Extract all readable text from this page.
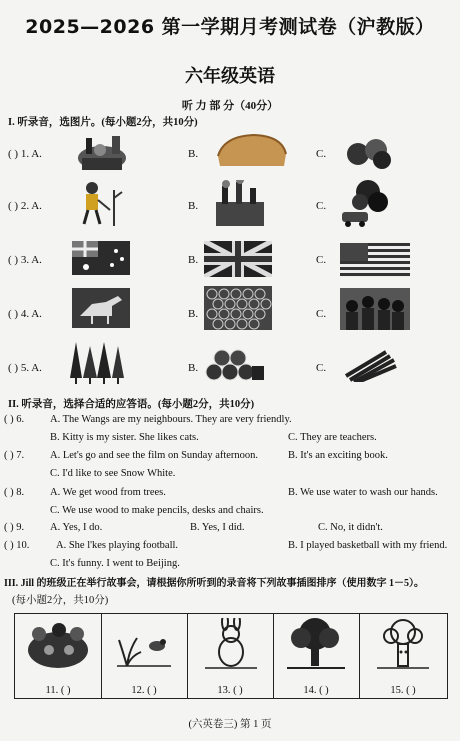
2025—2026 第一学期月考测试卷（沪教版）
六年级英语
听 力 部 分（40分）
I. 听录音，选图片。(每小题2分，共10分)
( ) 1. A.	B.	C.
( ) 2. A.	B.	C.
( ) 3. A.	B.	C.
( ) 4. A.	B.	C.
( ) 5. A.	B.	C.
II. 听录音，选择合适的应答语。(每小题2分，共10分)
( ) 6. A. The Wangs are my neighbours. They are very friendly.
B. Kitty is my sister. She likes cats.	C. They are teachers.
( ) 7. A. Let's go and see the film on Sunday afternoon.	B. It's an exciting book.
C. I'd like to see Snow White.
( ) 8. A. We get wood from trees.	B. We use water to wash our hands.
C. We use wood to make pencils, desks and chairs.
( ) 9. A. Yes, I do.	B. Yes, I did.	C. No, it didn't.
( ) 10.	A. She l'kes playing football.	B. I played basketball with my friend.
C. It's funny. I went to Beijing.
III. Jill 的班级正在举行故事会，请根据你所听到的录音将下列故事插图排序（使用数字 1－5）。
(每小题2分，共10分)
11. ( )	12. ( )	13. ( )	14. ( )	15. ( )
(六英卷三) 第 1 页
